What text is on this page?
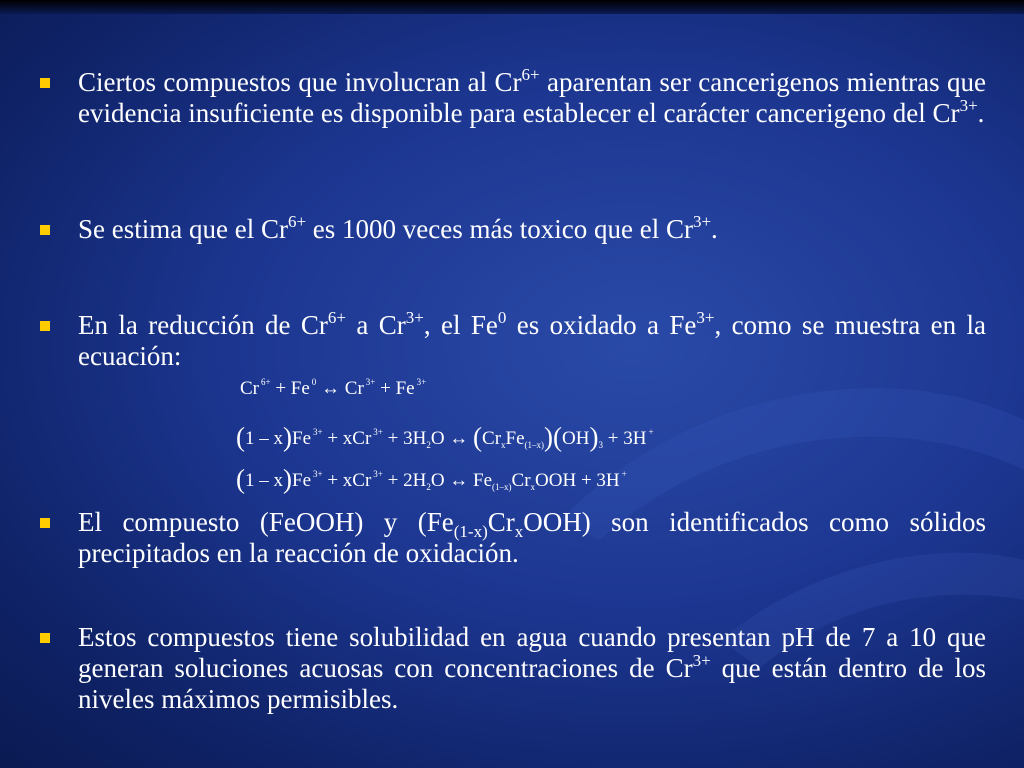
Ciertos compuestos que involucran al $Cr^{6+}$ aparentan ser cancerigenos mientras que evidencia insuficiente es disponible para establecer el carácter cancerigeno del $Cr^{3+}$.
Se estima que el $Cr^{6+}$ es 1000 veces más toxico que el $Cr^{3+}$.
En la reducción de $Cr^{6+}$ a $Cr^{3+}$, el Fe$^0$ es oxidado a $Fe^{3+}$, como se muestra en la ecuación:
Cr $^{6+}$ + Fe $^0$ ↔ Cr $^{3+}$ + Fe $^{3+}$
(1 – x)Fe $^{3+}$ + xCr $^{3+} + 3H_2O$ ↔ $(Cr_xFe_{(1-x)})(OH)_3 + 3H$ +
(1 – x)Fe $^{3+}$ + xCr $^{3+} + 2H_2O$ ↔ $Fe_{(1-x)}Cr_xOOH + 3H$ +
El compuesto (FeOOH) y $(Fe_{(1-x)}Cr_xOOH)$ son identificados como sólidos precipitados en la reacción de oxidación.
Estos compuestos tiene solubilidad en agua cuando presentan pH de 7 a 10 que generan soluciones acuosas con concentraciones de $Cr^{3+}$ que están dentro de los niveles máximos permisibles.
